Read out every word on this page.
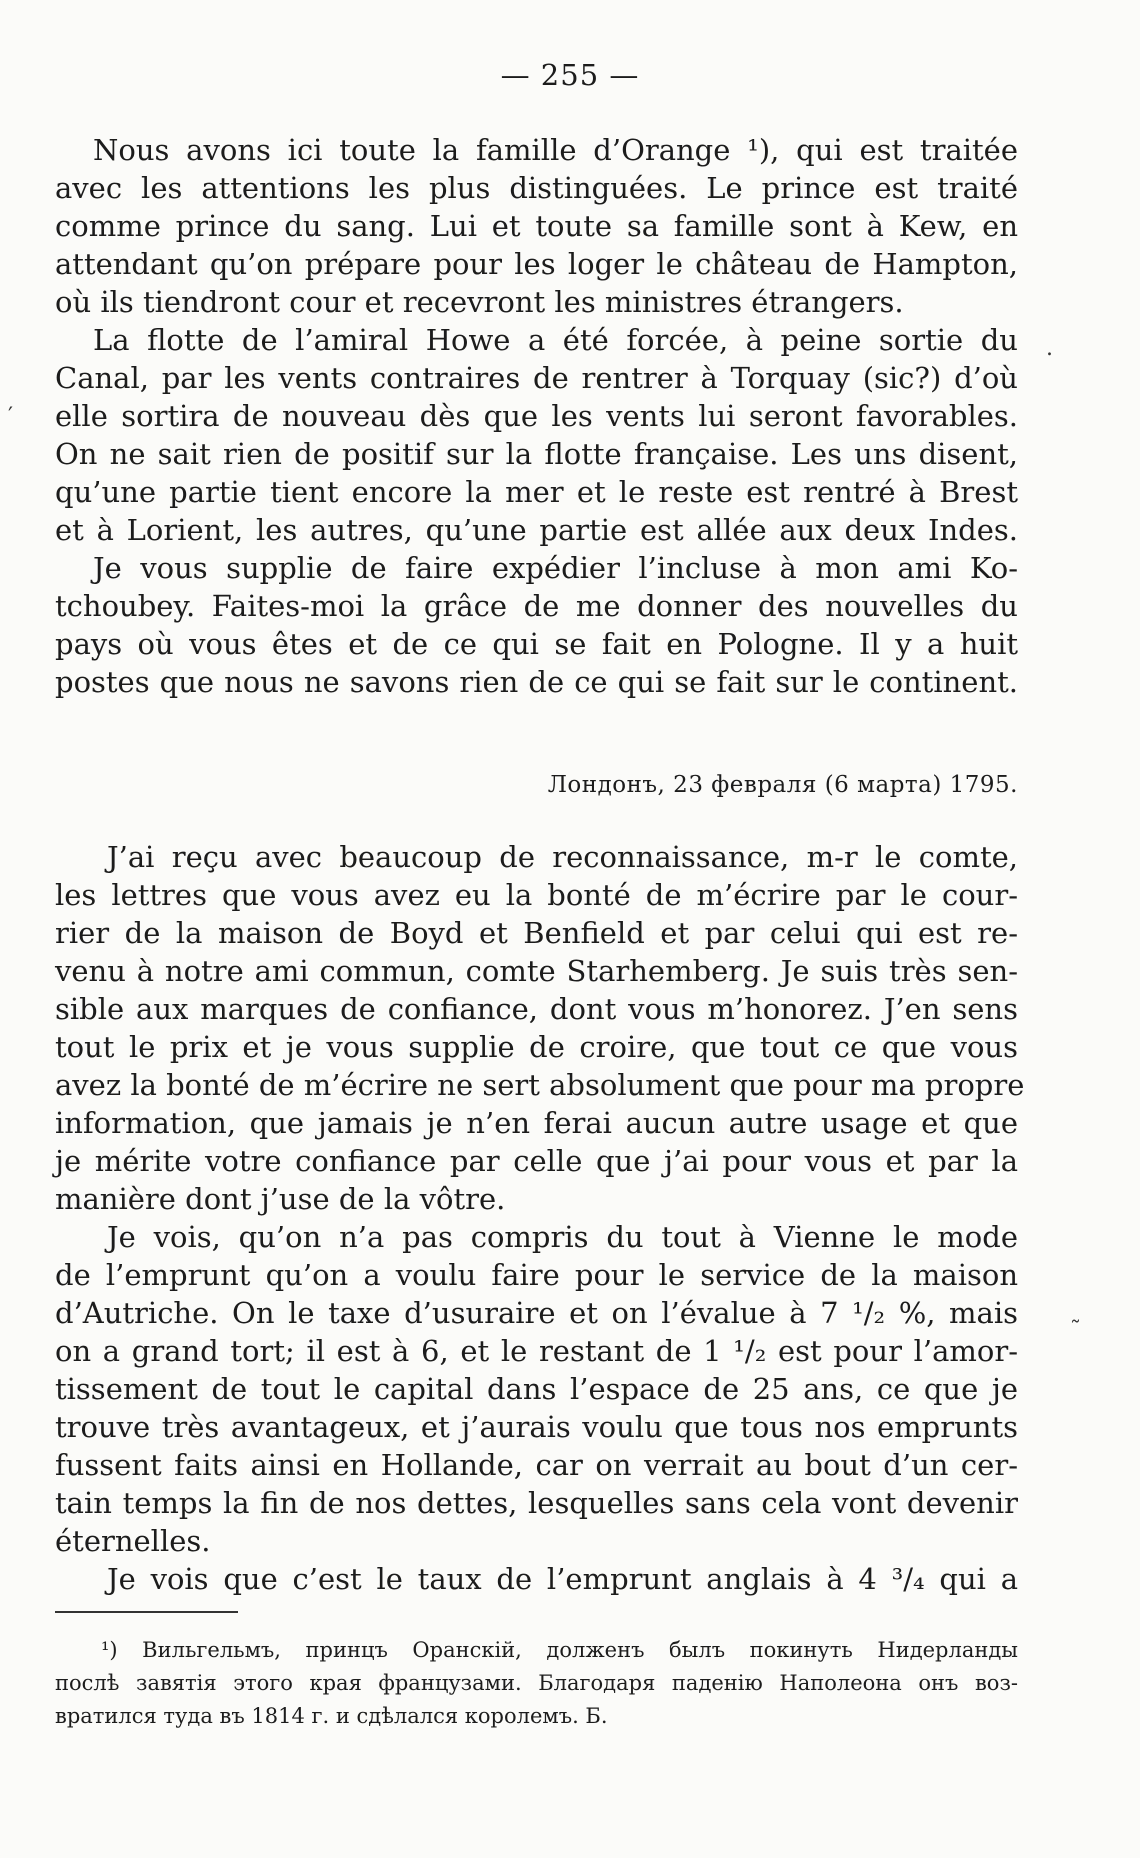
— 255 —
Nous avons ici toute la famille d’Orange ¹), qui est traitée
avec les attentions les plus distinguées. Le prince est traité
comme prince du sang. Lui et toute sa famille sont à Kew, en
attendant qu’on prépare pour les loger le château de Hampton,
où ils tiendront cour et recevront les ministres étrangers.
La flotte de l’amiral Howe a été forcée, à peine sortie du
Canal, par les vents contraires de rentrer à Torquay (sic?) d’où
elle sortira de nouveau dès que les vents lui seront favorables.
On ne sait rien de positif sur la flotte française. Les uns disent,
qu’une partie tient encore la mer et le reste est rentré à Brest
et à Lorient, les autres, qu’une partie est allée aux deux Indes.
Je vous supplie de faire expédier l’incluse à mon ami Ko-
tchoubey. Faites-moi la grâce de me donner des nouvelles du
pays où vous êtes et de ce qui se fait en Pologne. Il y a huit
postes que nous ne savons rien de ce qui se fait sur le continent.
Лондонъ, 23 февраля (6 марта) 1795.
J’ai reçu avec beaucoup de reconnaissance, m-r le comte,
les lettres que vous avez eu la bonté de m’écrire par le cour-
rier de la maison de Boyd et Benfield et par celui qui est re-
venu à notre ami commun, comte Starhemberg. Je suis très sen-
sible aux marques de confiance, dont vous m’honorez. J’en sens
tout le prix et je vous supplie de croire, que tout ce que vous
avez la bonté de m’écrire ne sert absolument que pour ma propre
information, que jamais je n’en ferai aucun autre usage et que
je mérite votre confiance par celle que j’ai pour vous et par la
manière dont j’use de la vôtre.
Je vois, qu’on n’a pas compris du tout à Vienne le mode
de l’emprunt qu’on a voulu faire pour le service de la maison
d’Autriche. On le taxe d’usuraire et on l’évalue à 7 ¹/₂ %, mais
on a grand tort; il est à 6, et le restant de 1 ¹/₂ est pour l’amor-
tissement de tout le capital dans l’espace de 25 ans, ce que je
trouve très avantageux, et j’aurais voulu que tous nos emprunts
fussent faits ainsi en Hollande, car on verrait au bout d’un cer-
tain temps la fin de nos dettes, lesquelles sans cela vont devenir
éternelles.
Je vois que c’est le taux de l’emprunt anglais à 4 ³/₄ qui a
¹) Вильгельмъ, принцъ Оранскій, долженъ былъ покинуть Нидерланды
послѣ завятія этого края французами. Благодаря паденію Наполеона онъ воз-
вратился туда въ 1814 г. и сдѣлался королемъ. Б.
′
.
˜
